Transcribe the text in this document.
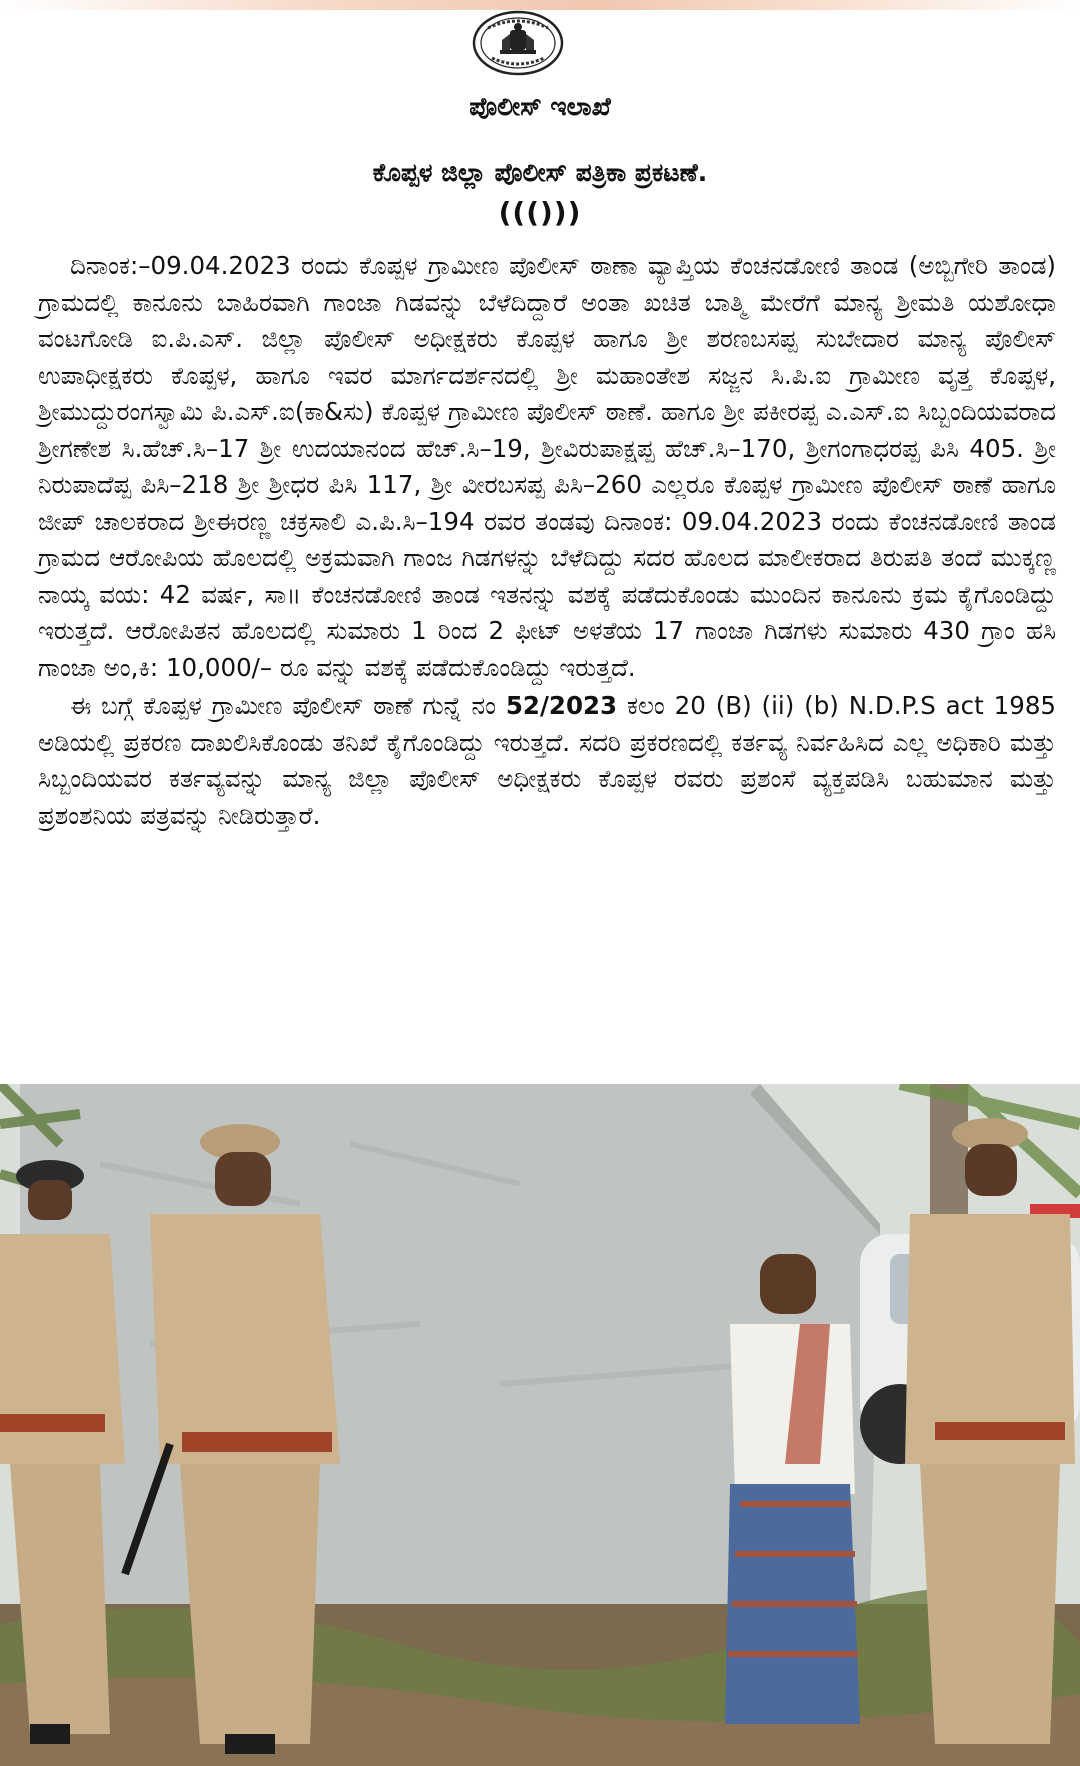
ಪೊಲೀಸ್ ಇಲಾಖೆ
ಕೊಪ್ಪಳ ಜಿಲ್ಲಾ ಪೊಲೀಸ್ ಪತ್ರಿಕಾ ಪ್ರಕಟಣೆ.
((()))

ದಿನಾಂಕ:–09.04.2023 ರಂದು ಕೊಪ್ಪಳ ಗ್ರಾಮೀಣ ಪೊಲೀಸ್ ಠಾಣಾ ವ್ಯಾಪ್ತಿಯ ಕೆಂಚನಡೋಣಿ ತಾಂಡ (ಅಬ್ಬಿಗೇರಿ ತಾಂಡ) ಗ್ರಾಮದಲ್ಲಿ ಕಾನೂನು ಬಾಹಿರವಾಗಿ ಗಾಂಜಾ ಗಿಡವನ್ನು ಬೆಳೆದಿದ್ದಾರೆ ಅಂತಾ ಖಚಿತ ಬಾತ್ಮಿ ಮೇರೆಗೆ ಮಾನ್ಯ ಶ್ರೀಮತಿ ಯಶೋಧಾ ವಂಟಗೋಡಿ ಐ.ಪಿ.ಎಸ್. ಜಿಲ್ಲಾ ಪೊಲೀಸ್ ಅಧೀಕ್ಷಕರು ಕೊಪ್ಪಳ ಹಾಗೂ ಶ್ರೀ ಶರಣಬಸಪ್ಪ ಸುಬೇದಾರ ಮಾನ್ಯ ಪೊಲೀಸ್ ಉಪಾಧೀಕ್ಷಕರು ಕೊಪ್ಪಳ, ಹಾಗೂ ಇವರ ಮಾರ್ಗದರ್ಶನದಲ್ಲಿ ಶ್ರೀ ಮಹಾಂತೇಶ ಸಜ್ಜನ ಸಿ.ಪಿ.ಐ ಗ್ರಾಮೀಣ ವೃತ್ತ ಕೊಪ್ಪಳ, ಶ್ರೀಮುದ್ದುರಂಗಸ್ವಾಮಿ ಪಿ.ಎಸ್.ಐ(ಕಾ&ಸು) ಕೊಪ್ಪಳ ಗ್ರಾಮೀಣ ಪೊಲೀಸ್ ಠಾಣೆ. ಹಾಗೂ ಶ್ರೀ ಪಕೀರಪ್ಪ ಎ.ಎಸ್.ಐ ಸಿಬ್ಬಂದಿಯವರಾದ ಶ್ರೀಗಣೇಶ ಸಿ.ಹೆಚ್.ಸಿ–17 ಶ್ರೀ ಉದಯಾನಂದ ಹೆಚ್.ಸಿ–19, ಶ್ರೀವಿರುಪಾಕ್ಷಪ್ಪ ಹೆಚ್.ಸಿ–170, ಶ್ರೀಗಂಗಾಧರಪ್ಪ ಪಿಸಿ 405. ಶ್ರೀ ನಿರುಪಾದೆಪ್ಪ ಪಿಸಿ–218 ಶ್ರೀ ಶ್ರೀಧರ ಪಿಸಿ 117, ಶ್ರೀ ವೀರಬಸಪ್ಪ ಪಿಸಿ–260 ಎಲ್ಲರೂ ಕೊಪ್ಪಳ ಗ್ರಾಮೀಣ ಪೊಲೀಸ್ ಠಾಣೆ ಹಾಗೂ ಜೀಪ್ ಚಾಲಕರಾದ ಶ್ರೀಈರಣ್ಣ ಚಕ್ರಸಾಲಿ ಎ.ಪಿ.ಸಿ–194 ರವರ ತಂಡವು ದಿನಾಂಕ: 09.04.2023 ರಂದು ಕೆಂಚನಡೋಣಿ ತಾಂಡ ಗ್ರಾಮದ ಆರೋಪಿಯ ಹೊಲದಲ್ಲಿ ಅಕ್ರಮವಾಗಿ ಗಾಂಜ ಗಿಡಗಳನ್ನು ಬೆಳೆದಿದ್ದು ಸದರ ಹೊಲದ ಮಾಲೀಕರಾದ ತಿರುಪತಿ ತಂದೆ ಮುಕ್ಕಣ್ಣ ನಾಯ್ಕ ವಯ: 42 ವರ್ಷ, ಸಾ॥ ಕೆಂಚನಡೋಣಿ ತಾಂಡ ಇತನನ್ನು ವಶಕ್ಕೆ ಪಡೆದುಕೊಂಡು ಮುಂದಿನ ಕಾನೂನು ಕ್ರಮ ಕೈಗೊಂಡಿದ್ದು ಇರುತ್ತದೆ. ಆರೋಪಿತನ ಹೊಲದಲ್ಲಿ ಸುಮಾರು 1 ರಿಂದ 2 ಫೀಟ್ ಅಳತೆಯ 17 ಗಾಂಜಾ ಗಿಡಗಳು ಸುಮಾರು 430 ಗ್ರಾಂ ಹಸಿ ಗಾಂಜಾ ಅಂ,ಕಿ: 10,000/– ರೂ ವನ್ನು ವಶಕ್ಕೆ ಪಡೆದುಕೊಂಡಿದ್ದು ಇರುತ್ತದೆ.

ಈ ಬಗ್ಗೆ ಕೊಪ್ಪಳ ಗ್ರಾಮೀಣ ಪೊಲೀಸ್ ಠಾಣೆ ಗುನ್ನೆ ನಂ 52/2023 ಕಲಂ 20 (B) (ii) (b) N.D.P.S act 1985 ಅಡಿಯಲ್ಲಿ ಪ್ರಕರಣ ದಾಖಲಿಸಿಕೊಂಡು ತನಿಖೆ ಕೈಗೊಂಡಿದ್ದು ಇರುತ್ತದೆ. ಸದರಿ ಪ್ರಕರಣದಲ್ಲಿ ಕರ್ತವ್ಯ ನಿರ್ವಹಿಸಿದ ಎಲ್ಲ ಅಧಿಕಾರಿ ಮತ್ತು ಸಿಬ್ಬಂದಿಯವರ ಕರ್ತವ್ಯವನ್ನು ಮಾನ್ಯ ಜಿಲ್ಲಾ ಪೊಲೀಸ್ ಅಧೀಕ್ಷಕರು ಕೊಪ್ಪಳ ರವರು ಪ್ರಶಂಸೆ ವ್ಯಕ್ತಪಡಿಸಿ ಬಹುಮಾನ ಮತ್ತು ಪ್ರಶಂಶನಿಯ ಪತ್ರವನ್ನು ನೀಡಿರುತ್ತಾರೆ.
